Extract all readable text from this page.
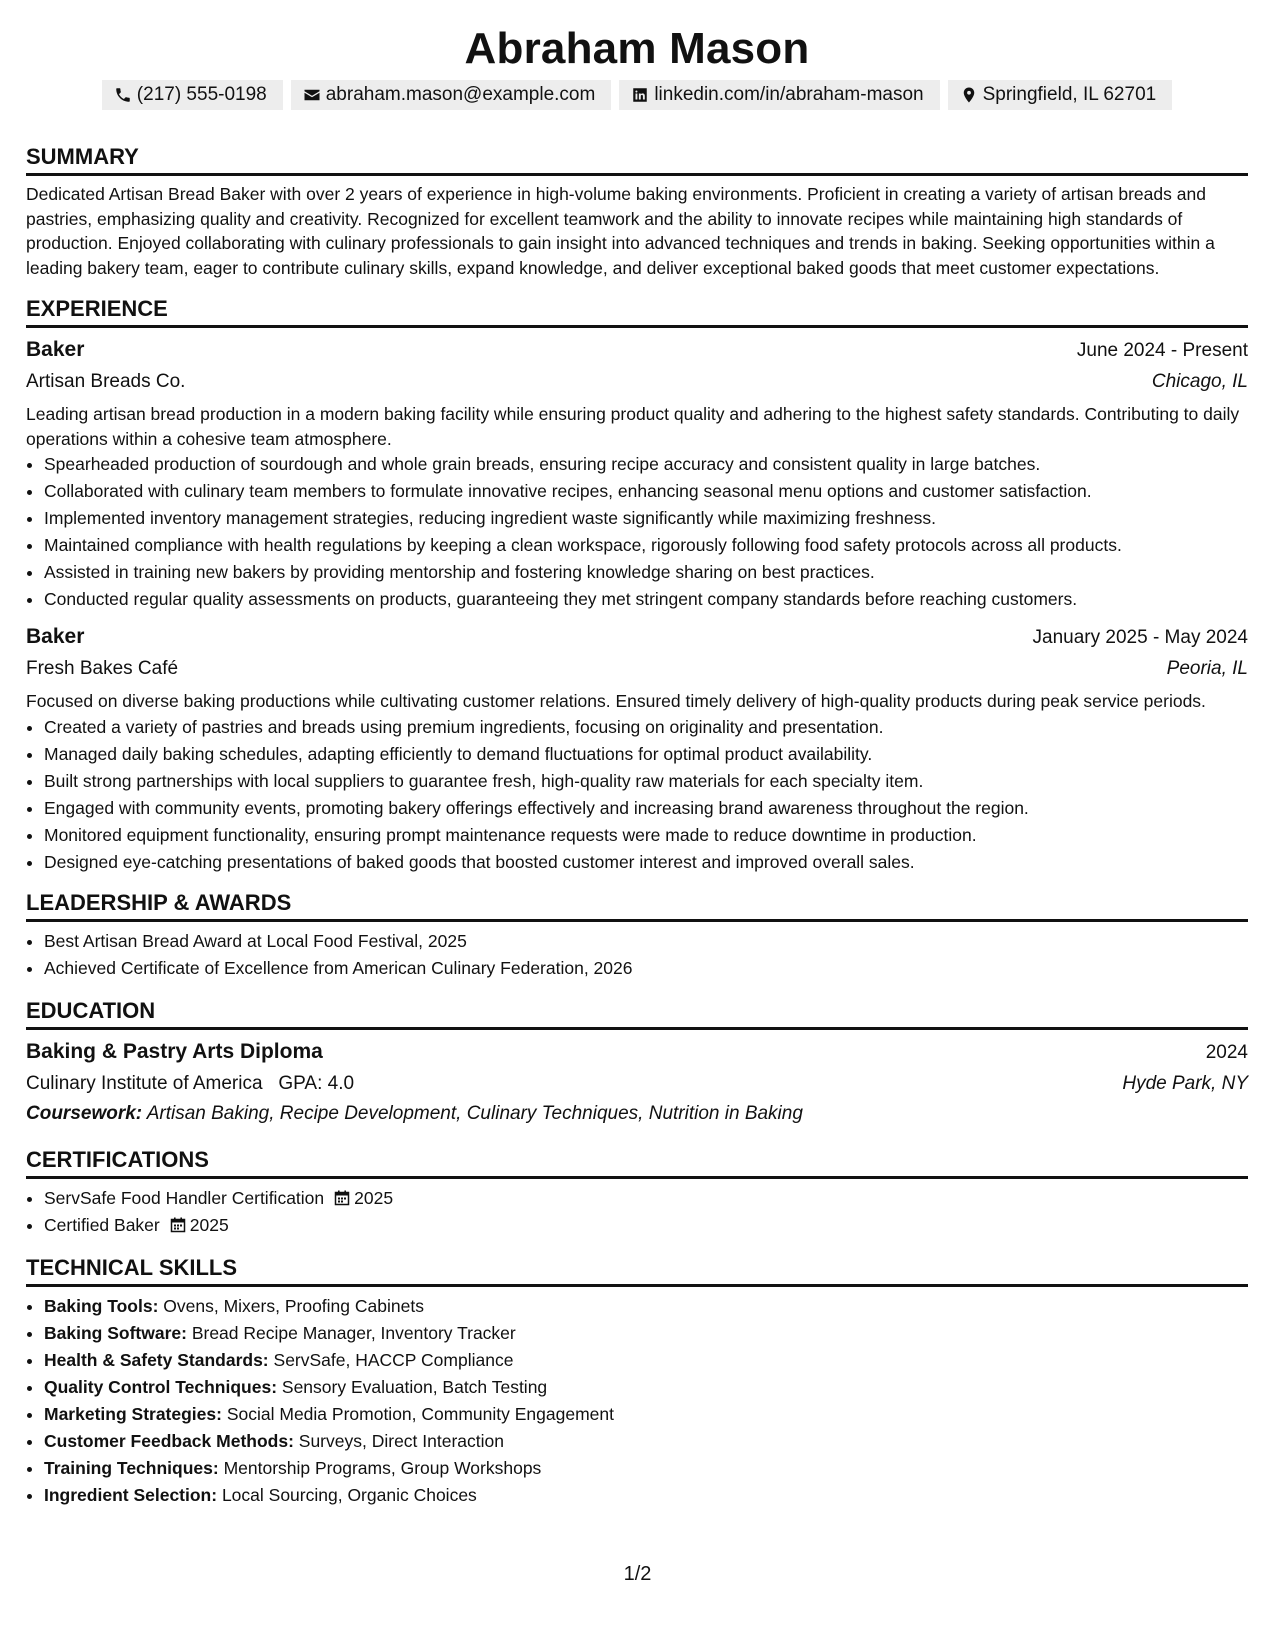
Abraham Mason
(217) 555-0198	abraham.mason@example.com	linkedin.com/in/abraham-mason	Springfield, IL 62701
SUMMARY

Dedicated Artisan Bread Baker with over 2 years of experience in high-volume baking environments. Proficient in creating a variety of artisan breads and pastries, emphasizing quality and creativity. Recognized for excellent teamwork and the ability to innovate recipes while maintaining high standards of production. Enjoyed collaborating with culinary professionals to gain insight into advanced techniques and trends in baking. Seeking opportunities within a leading bakery team, eager to contribute culinary skills, expand knowledge, and deliver exceptional baked goods that meet customer expectations.

EXPERIENCE
Baker	June 2024 - Present
Artisan Breads Co.	Chicago, IL

Leading artisan bread production in a modern baking facility while ensuring product quality and adhering to the highest safety standards. Contributing to daily operations within a cohesive team atmosphere.

• Spearheaded production of sourdough and whole grain breads, ensuring recipe accuracy and consistent quality in large batches.
• Collaborated with culinary team members to formulate innovative recipes, enhancing seasonal menu options and customer satisfaction.
• Implemented inventory management strategies, reducing ingredient waste significantly while maximizing freshness.
• Maintained compliance with health regulations by keeping a clean workspace, rigorously following food safety protocols across all products.
• Assisted in training new bakers by providing mentorship and fostering knowledge sharing on best practices.
• Conducted regular quality assessments on products, guaranteeing they met stringent company standards before reaching customers.
Baker	January 2025 - May 2024
Fresh Bakes Café	Peoria, IL

Focused on diverse baking productions while cultivating customer relations. Ensured timely delivery of high-quality products during peak service periods.

• Created a variety of pastries and breads using premium ingredients, focusing on originality and presentation.
• Managed daily baking schedules, adapting efficiently to demand fluctuations for optimal product availability.
• Built strong partnerships with local suppliers to guarantee fresh, high-quality raw materials for each specialty item.
• Engaged with community events, promoting bakery offerings effectively and increasing brand awareness throughout the region.
• Monitored equipment functionality, ensuring prompt maintenance requests were made to reduce downtime in production.
• Designed eye-catching presentations of baked goods that boosted customer interest and improved overall sales.
LEADERSHIP & AWARDS
• Best Artisan Bread Award at Local Food Festival, 2025
• Achieved Certificate of Excellence from American Culinary Federation, 2026
EDUCATION
Baking & Pastry Arts Diploma	2024
Culinary Institute of America GPA: 4.0	Hyde Park, NY
Coursework: Artisan Baking, Recipe Development, Culinary Techniques, Nutrition in Baking
CERTIFICATIONS
• ServSafe Food Handler Certification 2025
• Certified Baker 2025
TECHNICAL SKILLS
• Baking Tools: Ovens, Mixers, Proofing Cabinets
• Baking Software: Bread Recipe Manager, Inventory Tracker
• Health & Safety Standards: ServSafe, HACCP Compliance
• Quality Control Techniques: Sensory Evaluation, Batch Testing
• Marketing Strategies: Social Media Promotion, Community Engagement
• Customer Feedback Methods: Surveys, Direct Interaction
• Training Techniques: Mentorship Programs, Group Workshops
• Ingredient Selection: Local Sourcing, Organic Choices
1/2
